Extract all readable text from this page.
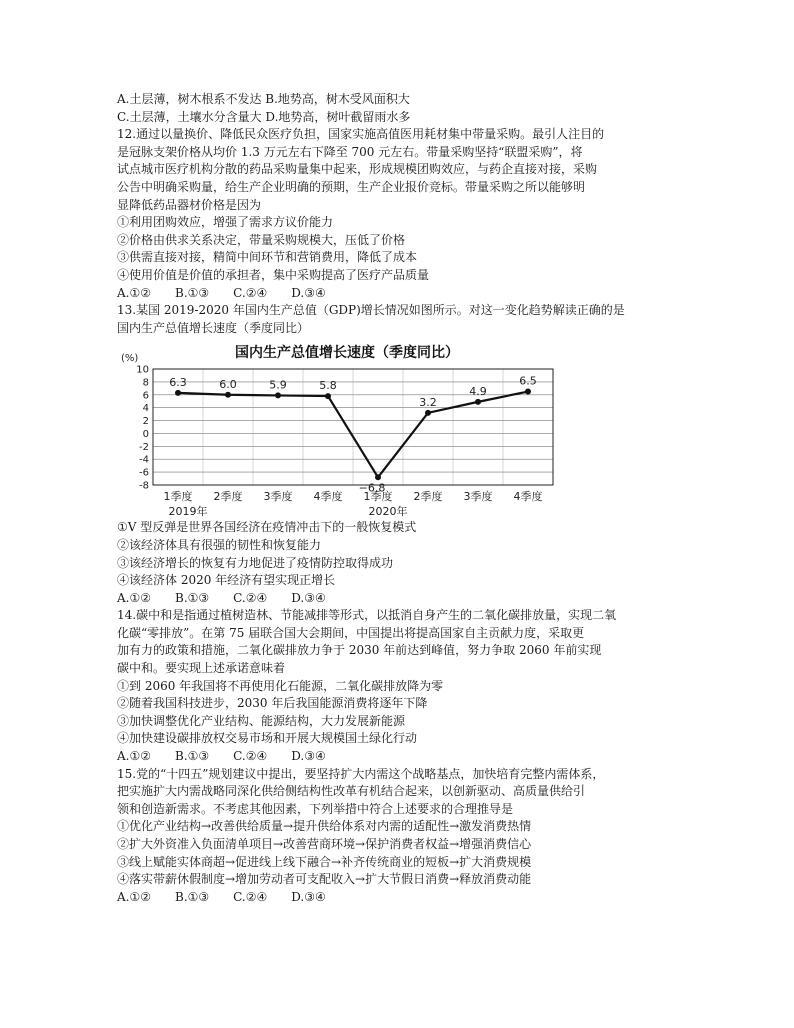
A.土层薄，树木根系不发达 B.地势高，树木受风面积大
C.土层薄，土壤水分含量大 D.地势高，树叶截留雨水多
12.通过以量换价、降低民众医疗负担，国家实施高值医用耗材集中带量采购。最引人注目的
是冠脉支架价格从均价 1.3 万元左右下降至 700 元左右。带量采购坚持“联盟采购”，将
试点城市医疗机构分散的药品采购量集中起来，形成规模团购效应，与药企直接对接，采购
公告中明确采购量，给生产企业明确的预期，生产企业报价竞标。带量采购之所以能够明
显降低药品器材价格是因为
①利用团购效应，增强了需求方议价能力
②价格由供求关系决定，带量采购规模大，压低了价格
③供需直接对接，精简中间环节和营销费用，降低了成本
④使用价值是价值的承担者，集中采购提高了医疗产品质量
A.①②　　B.①③　　C.②④　　D.③④
13.某国 2019-2020 年国内生产总值（GDP)增长情况如图所示。对这一变化趋势解读正确的是
国内生产总值增长速度（季度同比）
国内生产总值增长速度（季度同比）
(%)
10
8
6
4
2
0
-2
-4
-6
-8
1季度 2季度 3季度 4季度 1季度 2季度 3季度 4季度
2019年	2020年
6.3	6.0	5.9	5.8
−6.8
3.2
4.9
6.5
①V 型反弹是世界各国经济在疫情冲击下的一般恢复模式
②该经济体具有很强的韧性和恢复能力
③该经济增长的恢复有力地促进了疫情防控取得成功
④该经济体 2020 年经济有望实现正增长
A.①②　　B.①③　　C.②④　　D.③④
14.碳中和是指通过植树造林、节能减排等形式，以抵消自身产生的二氧化碳排放量，实现二氧
化碳“零排放”。在第 75 届联合国大会期间，中国提出将提高国家自主贡献力度，采取更
加有力的政策和措施，二氧化碳排放力争于 2030 年前达到峰值，努力争取 2060 年前实现
碳中和。要实现上述承诺意味着
①到 2060 年我国将不再使用化石能源，二氧化碳排放降为零
②随着我国科技进步，2030 年后我国能源消费将逐年下降
③加快调整优化产业结构、能源结构，大力发展新能源
④加快建设碳排放权交易市场和开展大规模国土绿化行动
A.①②　　B.①③　　C.②④　　D.③④
15.党的“十四五”规划建议中提出，要坚持扩大内需这个战略基点，加快培育完整内需体系，
把实施扩大内需战略同深化供给侧结构性改革有机结合起来，以创新驱动、高质量供给引
领和创造新需求。不考虑其他因素，下列举措中符合上述要求的合理推导是
①优化产业结构→改善供给质量→提升供给体系对内需的适配性→激发消费热情
②扩大外资准入负面清单项目→改善营商环境→保护消费者权益→增强消费信心
③线上赋能实体商超→促进线上线下融合→补齐传统商业的短板→扩大消费规模
④落实带薪休假制度→增加劳动者可支配收入→扩大节假日消费→释放消费动能
A.①②　　B.①③　　C.②④　　D.③④
